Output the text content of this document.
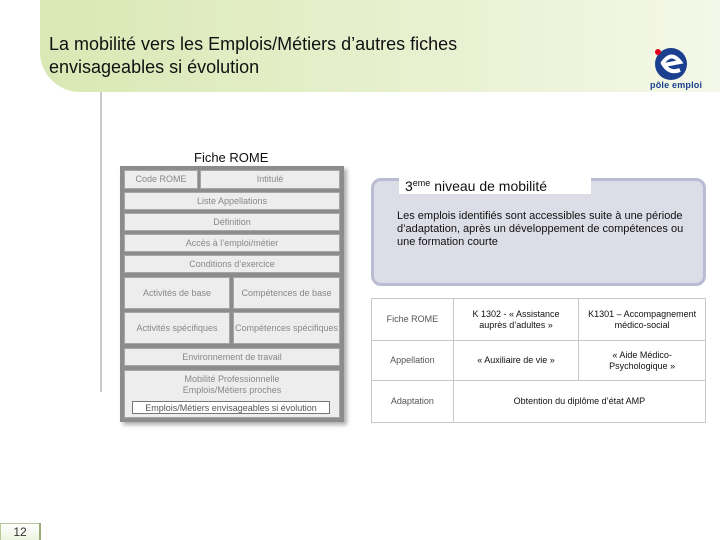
La mobilité vers les Emplois/Métiers d’autres fiches
envisageables si évolution
pôle emploi
Fiche ROME
Code ROME	Intitulé
Liste Appellations
Définition
Accès à l’emploi/métier
Conditions d’exercice
Activités de base	Compétences de base
Activités spécifiques	Compétences spécifiques
Environnement de travail
Mobilité Professionnelle
Emplois/Métiers proches
Emplois/Métiers envisageables si évolution
3eme niveau de mobilité
Les emplois identifiés sont accessibles suite à une période d’adaptation, après un développement de compétences ou une formation courte
Fiche ROME	K 1302 - « Assistance auprès d’adultes »	K1301 – Accompagnement médico-social
Appellation	« Auxiliaire de vie »	« Aide Médico-Psychologique »
Adaptation	Obtention du diplôme d’état AMP	
12
